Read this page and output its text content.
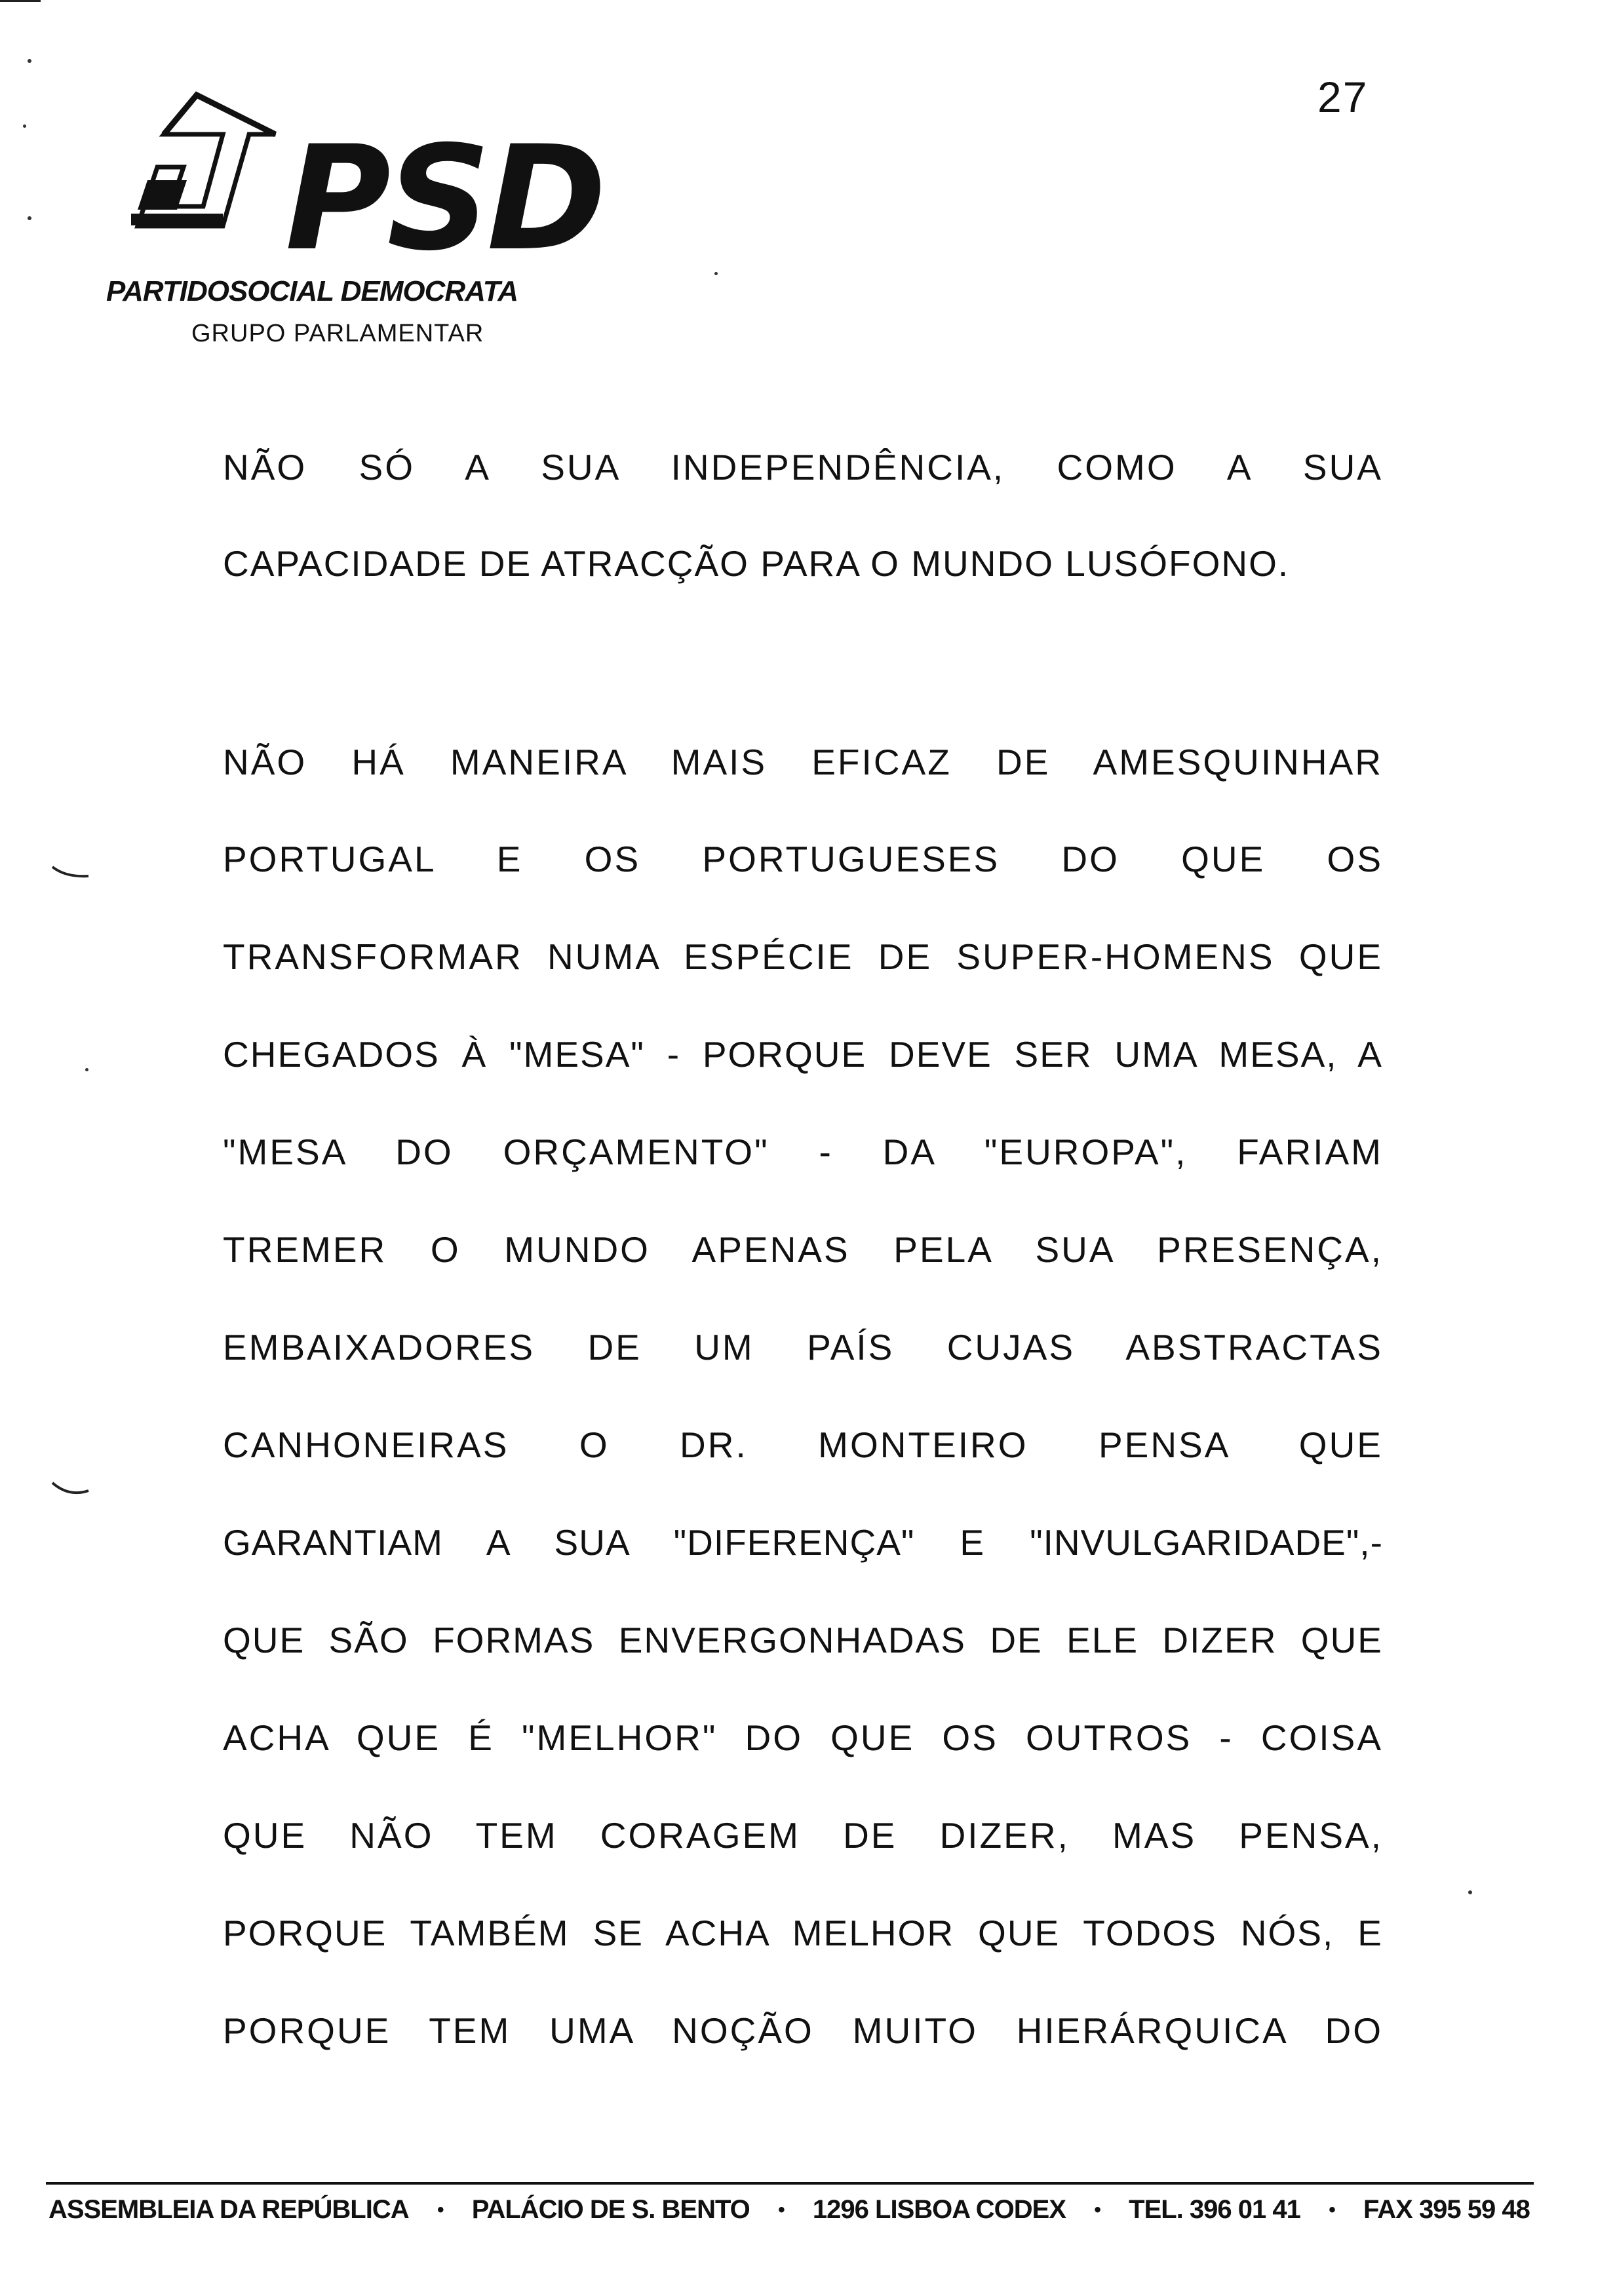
27
PSD
PARTIDOSOCIAL DEMOCRATA
GRUPO PARLAMENTAR
NÃO SÓ A SUA INDEPENDÊNCIA, COMO A SUA
CAPACIDADE DE ATRACÇÃO PARA O MUNDO LUSÓFONO.
NÃO HÁ MANEIRA MAIS EFICAZ DE AMESQUINHAR
PORTUGAL E OS PORTUGUESES DO QUE OS
TRANSFORMAR NUMA ESPÉCIE DE SUPER-HOMENS QUE
CHEGADOS À "MESA" - PORQUE DEVE SER UMA MESA, A
"MESA DO ORÇAMENTO" - DA "EUROPA", FARIAM
TREMER O MUNDO APENAS PELA SUA PRESENÇA,
EMBAIXADORES DE UM PAÍS CUJAS ABSTRACTAS
CANHONEIRAS O DR. MONTEIRO PENSA QUE
GARANTIAM A SUA "DIFERENÇA" E "INVULGARIDADE",-
QUE SÃO FORMAS ENVERGONHADAS DE ELE DIZER QUE
ACHA QUE É "MELHOR" DO QUE OS OUTROS - COISA
QUE NÃO TEM CORAGEM DE DIZER, MAS PENSA,
PORQUE TAMBÉM SE ACHA MELHOR QUE TODOS NÓS, E
PORQUE TEM UMA NOÇÃO MUITO HIERÁRQUICA DO
ASSEMBLEIA DA REPÚBLICA • PALÁCIO DE S. BENTO • 1296 LISBOA CODEX • TEL. 396 01 41 • FAX 395 59 48
